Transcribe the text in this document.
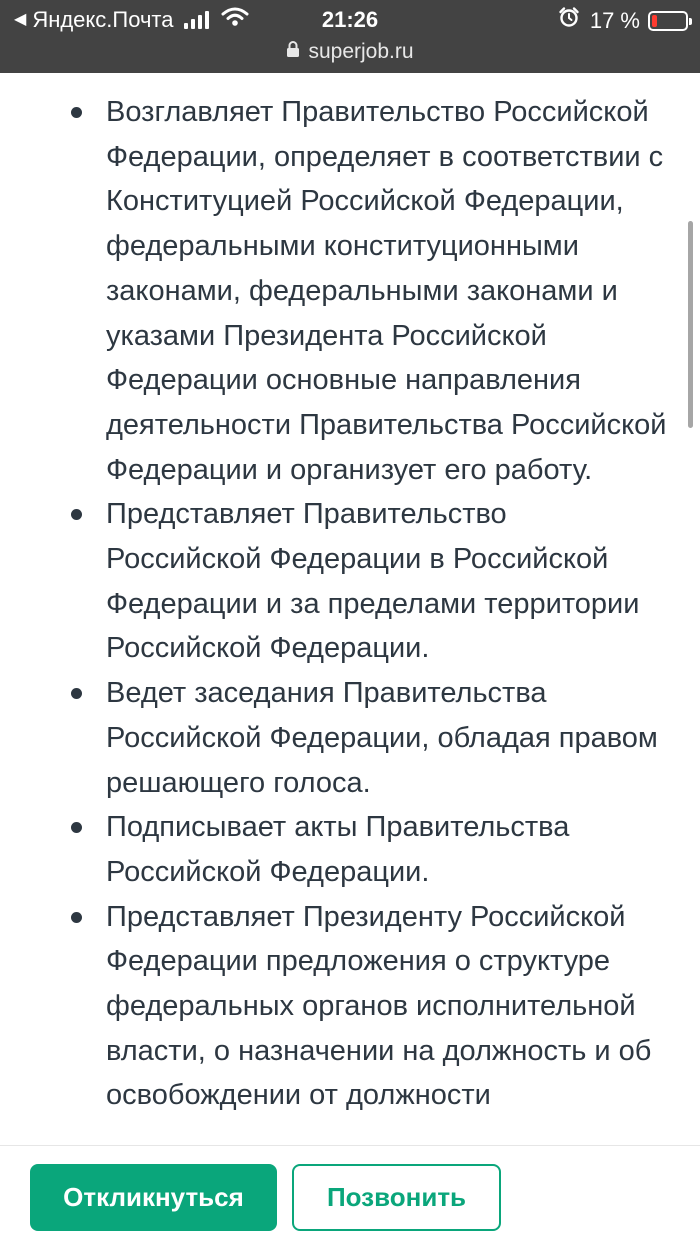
◀ Яндекс.Почта	21:26	17 %
superjob.ru
Возглавляет Правительство Российской Федерации, определяет в соответствии с Конституцией Российской Федерации, федеральными конституционными законами, федеральными законами и указами Президента Российской Федерации основные направления деятельности Правительства Российской Федерации и организует его работу.
Представляет Правительство Российской Федерации в Российской Федерации и за пределами территории Российской Федерации.
Ведет заседания Правительства Российской Федерации, обладая правом решающего голоса.
Подписывает акты Правительства Российской Федерации.
Представляет Президенту Российской Федерации предложения о структуре федеральных органов исполнительной власти, о назначении на должность и об освобождении от должности
Откликнуться	Позвонить
